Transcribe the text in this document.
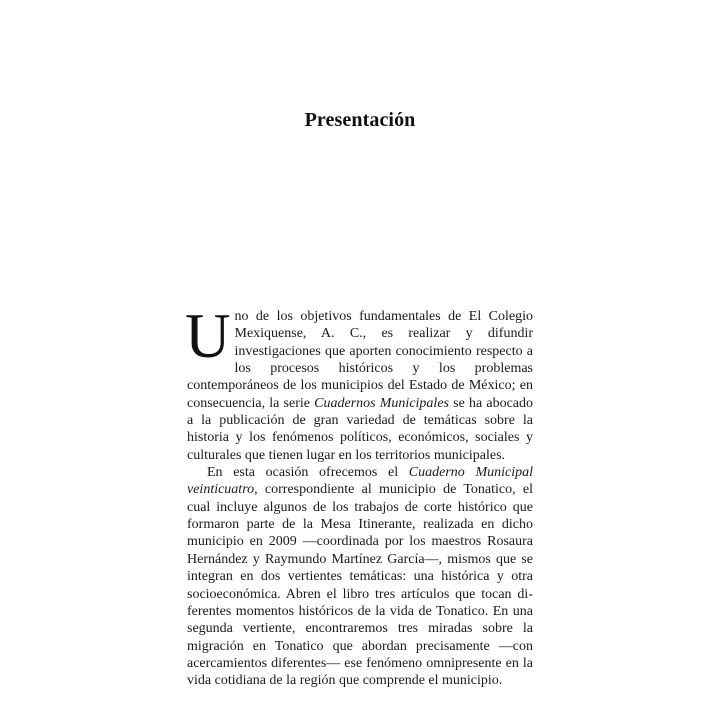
Presentación

Uno de los objetivos fundamentales de El Colegio Mexiquense, A. C., es realizar y difundir investigaciones que aporten conocimiento respecto a los procesos históricos y los problemas contemporáneos de los municipios del Estado de México; en consecuencia, la serie Cuadernos Municipales se ha abocado a la publicación de gran variedad de temáticas sobre la historia y los fenómenos políticos, económicos, sociales y culturales que tienen lugar en los territorios municipales.

En esta ocasión ofrecemos el Cuaderno Municipal veinticuatro, correspondiente al municipio de Tonatico, el cual incluye algunos de los trabajos de corte histórico que formaron parte de la Mesa Itinerante, realizada en dicho municipio en 2009 —coordinada por los maestros Rosaura Hernández y Raymundo Martínez García—, mismos que se integran en dos vertientes temáticas: una histórica y otra socioeconómica. Abren el libro tres artículos que tocan diferentes momentos históricos de la vida de Tonatico. En una segunda vertiente, encontraremos tres miradas sobre la migración en Tonatico que abordan precisamente —con acercamientos diferentes— ese fenómeno omnipresente en la vida cotidiana de la región que comprende el municipio.
